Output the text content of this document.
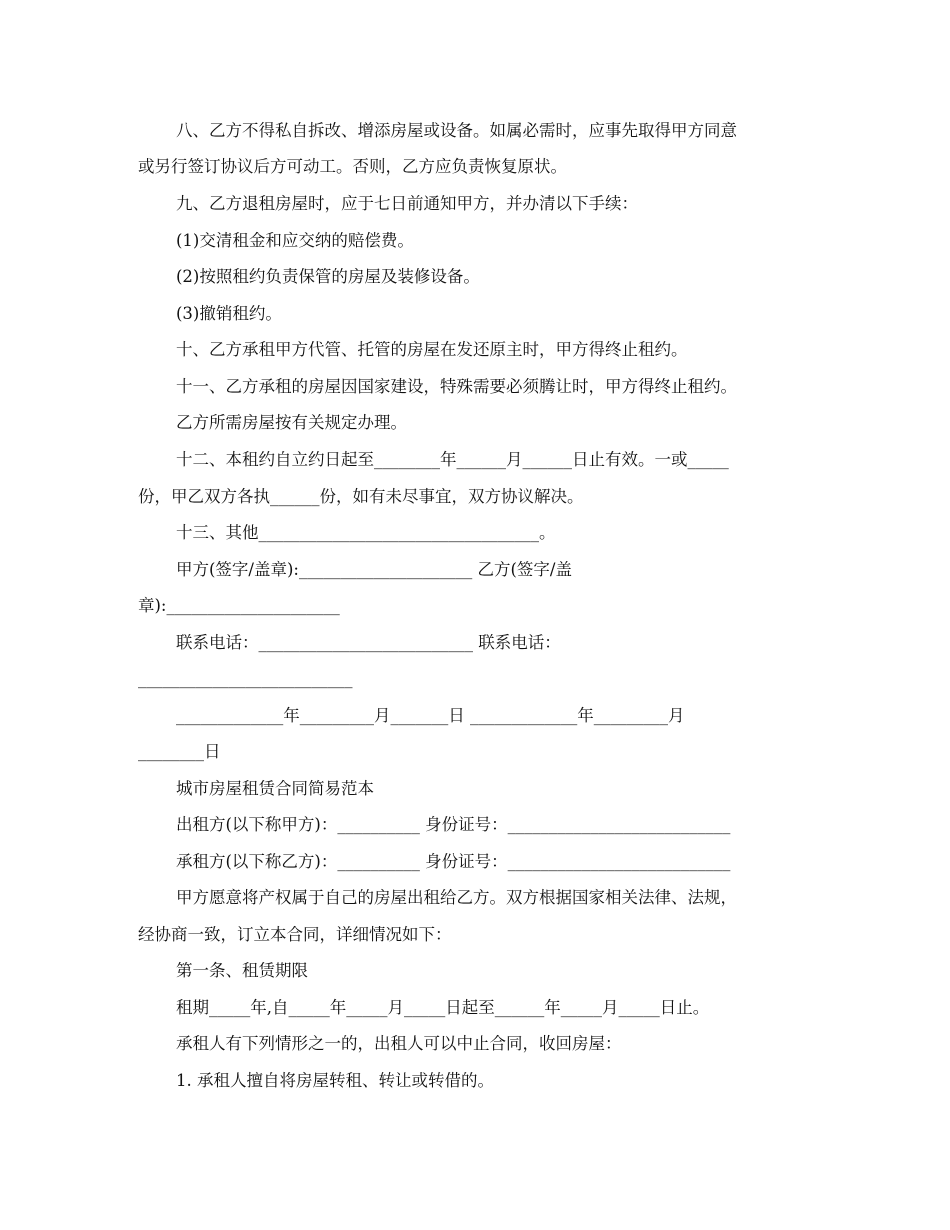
八、乙方不得私自拆改、增添房屋或设备。如属必需时，应事先取得甲方同意
或另行签订协议后方可动工。否则，乙方应负责恢复原状。
九、乙方退租房屋时，应于七日前通知甲方，并办清以下手续：
(1)交清租金和应交纳的赔偿费。
(2)按照租约负责保管的房屋及装修设备。
(3)撤销租约。
十、乙方承租甲方代管、托管的房屋在发还原主时，甲方得终止租约。
十一、乙方承租的房屋因国家建设，特殊需要必须腾让时，甲方得终止租约。
乙方所需房屋按有关规定办理。
十二、本租约自立约日起至________年______月______日止有效。一或_____
份，甲乙双方各执______份，如有未尽事宜，双方协议解决。
十三、其他__________________________________。
甲方(签字/盖章):_____________________ 乙方(签字/盖
章):_____________________
联系电话：__________________________ 联系电话：
__________________________
_____________年_________月_______日 _____________年_________月
________日
城市房屋租赁合同简易范本
出租方(以下称甲方)：__________ 身份证号：___________________________
承租方(以下称乙方)：__________ 身份证号：___________________________
甲方愿意将产权属于自己的房屋出租给乙方。双方根据国家相关法律、法规，
经协商一致，订立本合同，详细情况如下：
第一条、租赁期限
租期_____年,自_____年_____月_____日起至______年_____月_____日止。
承租人有下列情形之一的，出租人可以中止合同，收回房屋：
1. 承租人擅自将房屋转租、转让或转借的。
